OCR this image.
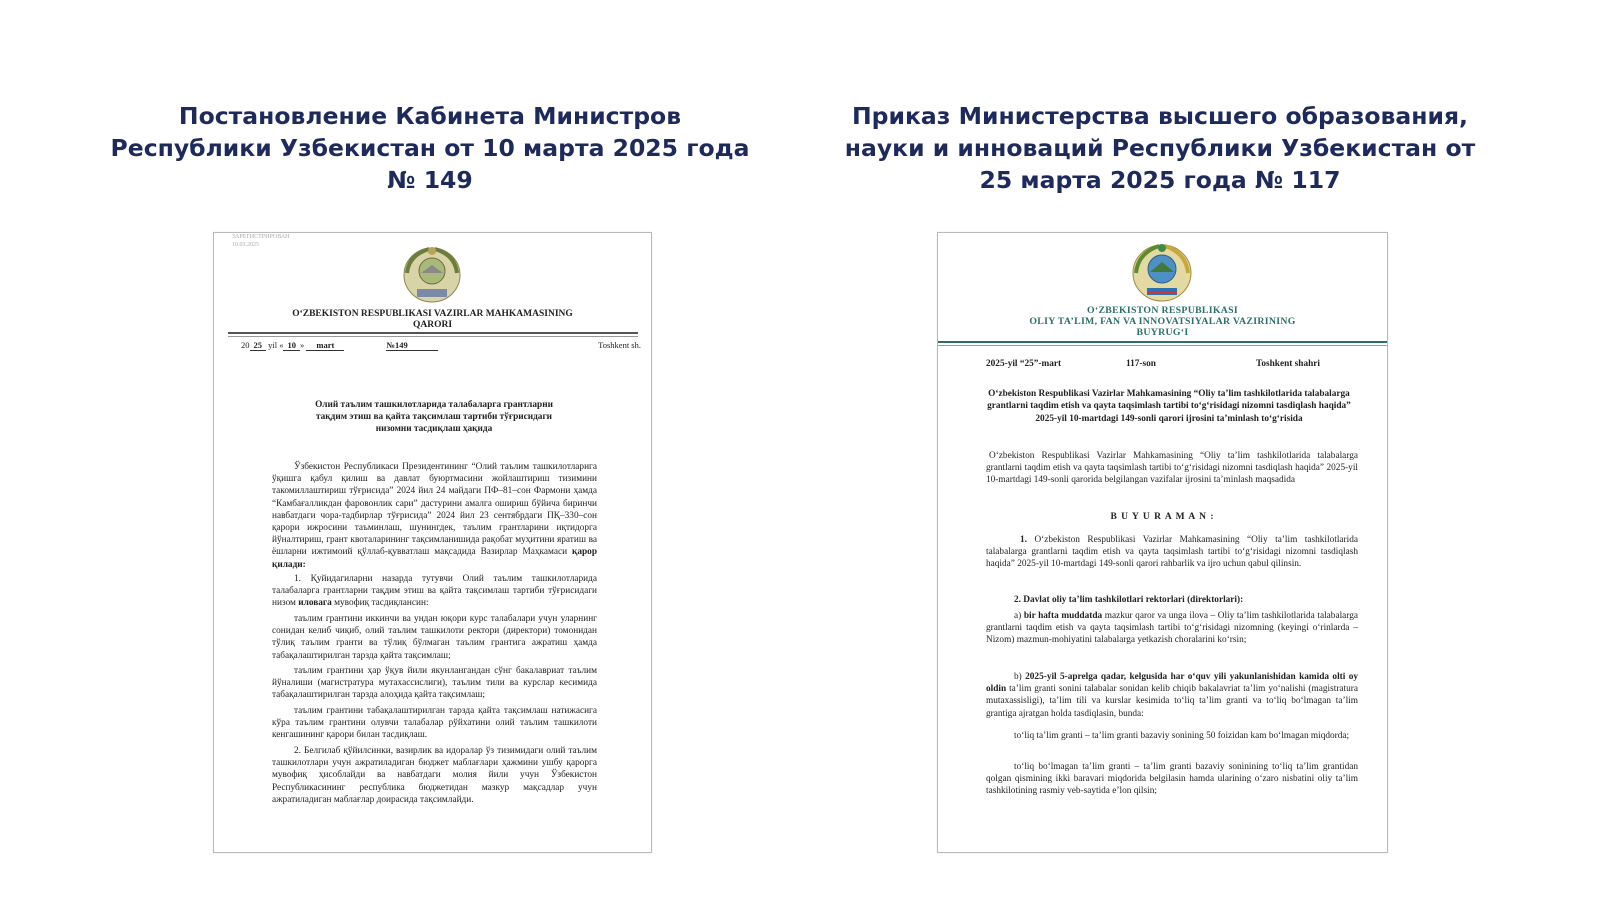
Постановление Кабинета Министров Республики Узбекистан от 10 марта 2025 года № 149
Приказ Министерства высшего образования, науки и инноваций Республики Узбекистан от 25 марта 2025 года № 117
ЗАРЕГИСТРИРОВАН
10.03.2025
O‘ZBEKISTON RESPUBLIKASI VAZIRLAR MAHKAMASINING
QARORI
20 25 yil « 10 » mart	№149	Toshkent sh.
Олий таълим ташкилотларида талабаларга грантларни тақдим этиш ва қайта тақсимлаш тартиби тўғрисидаги низомни тасдиқлаш ҳақида
Ўзбекистон Республикаси Президентининг “Олий таълим ташкилотларига ўқишга қабул қилиш ва давлат буюртмасини жойлаштириш тизимини такомиллаштириш тўғрисида” 2024 йил 24 майдаги ПФ–81–сон Фармони ҳамда “Камбағалликдан фаровонлик сари” дастурини амалга ошириш бўйича биринчи навбатдаги чора-тадбирлар тўғрисида” 2024 йил 23 сентябрдаги ПҚ–330–сон қарори ижросини таъминлаш, шунингдек, таълим грантларини иқтидорга йўналтириш, грант квоталарининг тақсимланишида рақобат муҳитини яратиш ва ёшларни ижтимоий қўллаб-қувватлаш мақсадида Вазирлар Маҳкамаси қарор қилади:
1. Қуйидагиларни назарда тутувчи Олий таълим ташкилотларида талабаларга грантларни тақдим этиш ва қайта тақсимлаш тартиби тўғрисидаги низом иловага мувофиқ тасдиқлансин:
таълим грантини иккинчи ва ундан юқори курс талабалари учун уларнинг сонидан келиб чиқиб, олий таълим ташкилоти ректори (директори) томонидан тўлиқ таълим гранти ва тўлиқ бўлмаган таълим грантига ажратиш ҳамда табақалаштирилган тарзда қайта тақсимлаш;
таълим грантини ҳар ўқув йили якунлангандан сўнг бакалавриат таълим йўналиши (магистратура мутахассислиги), таълим тили ва курслар кесимида табақалаштирилган тарзда алоҳида қайта тақсимлаш;
таълим грантини табақалаштирилган тарзда қайта тақсимлаш натижасига кўра таълим грантини олувчи талабалар рўйхатини олий таълим ташкилоти кенгашининг қарори билан тасдиқлаш.
2. Белгилаб қўйилсинки, вазирлик ва идоралар ўз тизимидаги олий таълим ташкилотлари учун ажратиладиган бюджет маблағлари ҳажмини ушбу қарорга мувофиқ ҳисоблайди ва навбатдаги молия йили учун Ўзбекистон Республикасининг республика бюджетидан мазкур мақсадлар учун ажратиладиган маблағлар доирасида тақсимлайди.
O‘ZBEKISTON RESPUBLIKASI
OLIY TA’LIM, FAN VA INNOVATSIYALAR VAZIRINING
BUYRUG‘I
2025-yil “25”-mart	117-son	Toshkent shahri
O‘zbekiston Respublikasi Vazirlar Mahkamasining “Oliy ta’lim tashkilotlarida talabalarga grantlarni taqdim etish va qayta taqsimlash tartibi to‘g‘risidagi nizomni tasdiqlash haqida” 2025-yil 10-martdagi 149-sonli qarori ijrosini ta’minlash to‘g‘risida
O‘zbekiston Respublikasi Vazirlar Mahkamasining “Oliy ta’lim tashkilotlarida talabalarga grantlarni taqdim etish va qayta taqsimlash tartibi to‘g‘risidagi nizomni tasdiqlash haqida” 2025-yil 10-martdagi 149-sonli qarorida belgilangan vazifalar ijrosini ta’minlash maqsadida
B U Y U R A M A N :
1. O‘zbekiston Respublikasi Vazirlar Mahkamasining “Oliy ta’lim tashkilotlarida talabalarga grantlarni taqdim etish va qayta taqsimlash tartibi to‘g‘risidagi nizomni tasdiqlash haqida” 2025-yil 10-martdagi 149-sonli qarori rahbarlik va ijro uchun qabul qilinsin.
2. Davlat oliy ta’lim tashkilotlari rektorlari (direktorlari):
a) bir hafta muddatda mazkur qaror va unga ilova – Oliy ta’lim tashkilotlarida talabalarga grantlarni taqdim etish va qayta taqsimlash tartibi to‘g‘risidagi nizomning (keyingi o‘rinlarda – Nizom) mazmun-mohiyatini talabalarga yetkazish choralarini ko‘rsin;
b) 2025-yil 5-aprelga qadar, kelgusida har o‘quv yili yakunlanishidan kamida olti oy oldin ta’lim granti sonini talabalar sonidan kelib chiqib bakalavriat ta’lim yo‘nalishi (magistratura mutaxassisligi), ta’lim tili va kurslar kesimida to‘liq ta’lim granti va to‘liq bo‘lmagan ta’lim grantiga ajratgan holda tasdiqlasin, bunda:
to‘liq ta’lim granti – ta’lim granti bazaviy sonining 50 foizidan kam bo‘lmagan miqdorda;
to‘liq bo‘lmagan ta’lim granti – ta’lim granti bazaviy soninining to‘liq ta’lim grantidan qolgan qismining ikki baravari miqdorida belgilasin hamda ularining o‘zaro nisbatini oliy ta’lim tashkilotining rasmiy veb-saytida e’lon qilsin;
